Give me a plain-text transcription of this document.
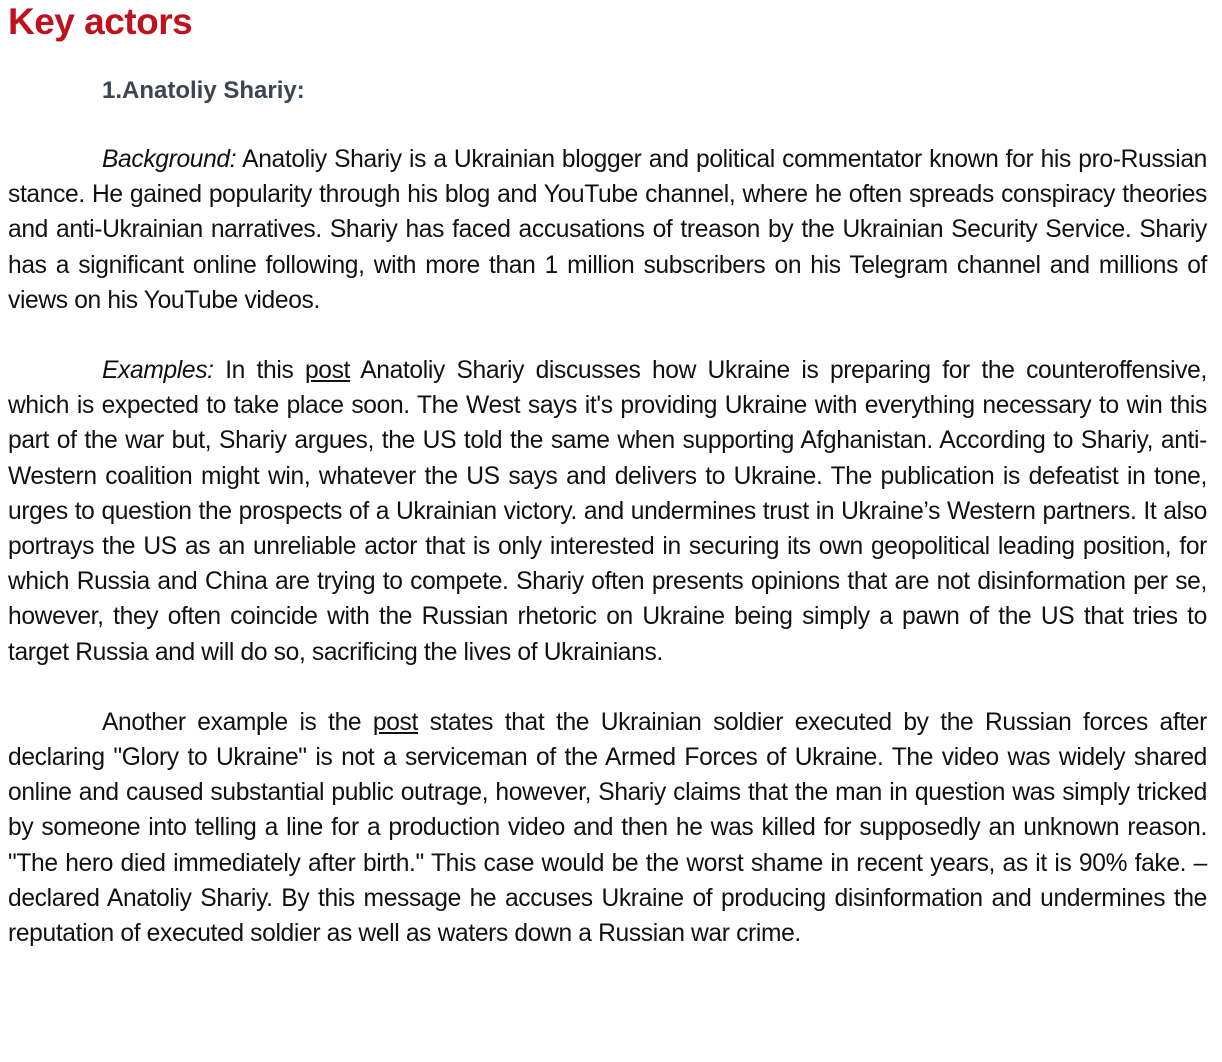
Key actors
1.Anatoliy Shariy:

Background: Anatoliy Shariy is a Ukrainian blogger and political commentator known for his pro-Russian stance. He gained popularity through his blog and YouTube channel, where he often spreads conspiracy theories and anti-Ukrainian narratives. Shariy has faced accusations of treason by the Ukrainian Security Service. Shariy has a significant online following, with more than 1 million subscribers on his Telegram channel and millions of views on his YouTube videos.

Examples: In this post Anatoliy Shariy discusses how Ukraine is preparing for the counteroffensive, which is expected to take place soon. The West says it's providing Ukraine with everything necessary to win this part of the war but, Shariy argues, the US told the same when supporting Afghanistan. According to Shariy, anti-Western coalition might win, whatever the US says and delivers to Ukraine. The publication is defeatist in tone, urges to question the prospects of a Ukrainian victory. and undermines trust in Ukraine’s Western partners. It also portrays the US as an unreliable actor that is only interested in securing its own geopolitical leading position, for which Russia and China are trying to compete. Shariy often presents opinions that are not disinformation per se, however, they often coincide with the Russian rhetoric on Ukraine being simply a pawn of the US that tries to target Russia and will do so, sacrificing the lives of Ukrainians.

Another example is the post states that the Ukrainian soldier executed by the Russian forces after declaring "Glory to Ukraine" is not a serviceman of the Armed Forces of Ukraine. The video was widely shared online and caused substantial public outrage, however, Shariy claims that the man in question was simply tricked by someone into telling a line for a production video and then he was killed for supposedly an unknown reason. "The hero died immediately after birth." This case would be the worst shame in recent years, as it is 90% fake. – declared Anatoliy Shariy. By this message he accuses Ukraine of producing disinformation and undermines the reputation of executed soldier as well as waters down a Russian war crime.
